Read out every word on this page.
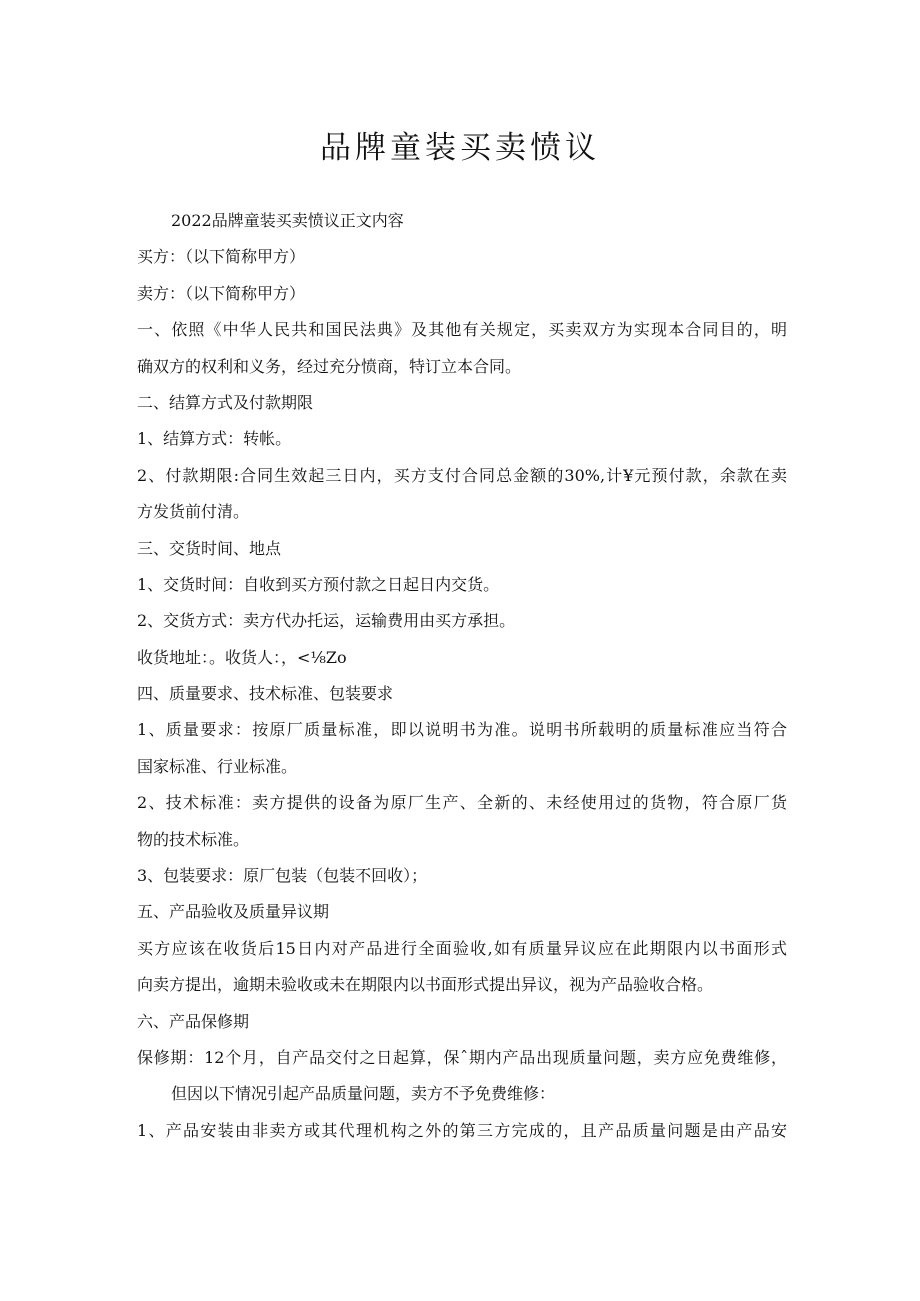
品牌童装买卖愤议
2022品牌童装买卖愤议正文内容
买方：（以下简称甲方）
卖方：（以下简称甲方）
一、依照《中华人民共和国民法典》及其他有关规定，买卖双方为实现本合同目的，明
确双方的权利和义务，经过充分愤商，特订立本合同。
二、结算方式及付款期限
1、结算方式：转帐。
2、付款期限:合同生效起三日内，买方支付合同总金额的30%,计¥元预付款，余款在卖
方发货前付清。
三、交货时间、地点
1、交货时间：自收到买方预付款之日起日内交货。
2、交货方式：卖方代办托运，运输费用由买方承担。
收货地址：。收货人：，<⅛Zo
四、质量要求、技术标准、包装要求
1、质量要求：按原厂质量标准，即以说明书为准。说明书所载明的质量标准应当符合
国家标准、行业标准。
2、技术标准：卖方提供的设备为原厂生产、全新的、未经使用过的货物，符合原厂货
物的技术标准。
3、包装要求：原厂包装（包装不回收）；
五、产品验收及质量异议期
买方应该在收货后15日内对产品进行全面验收,如有质量异议应在此期限内以书面形式
向卖方提出，逾期未验收或未在期限内以书面形式提出异议，视为产品验收合格。
六、产品保修期
保修期：12个月，自产品交付之日起算，保ˆ期内产品出现质量问题，卖方应免费维修，
但因以下情况引起产品质量问题，卖方不予免费维修：
1、产品安装由非卖方或其代理机构之外的第三方完成的，且产品质量问题是由产品安
